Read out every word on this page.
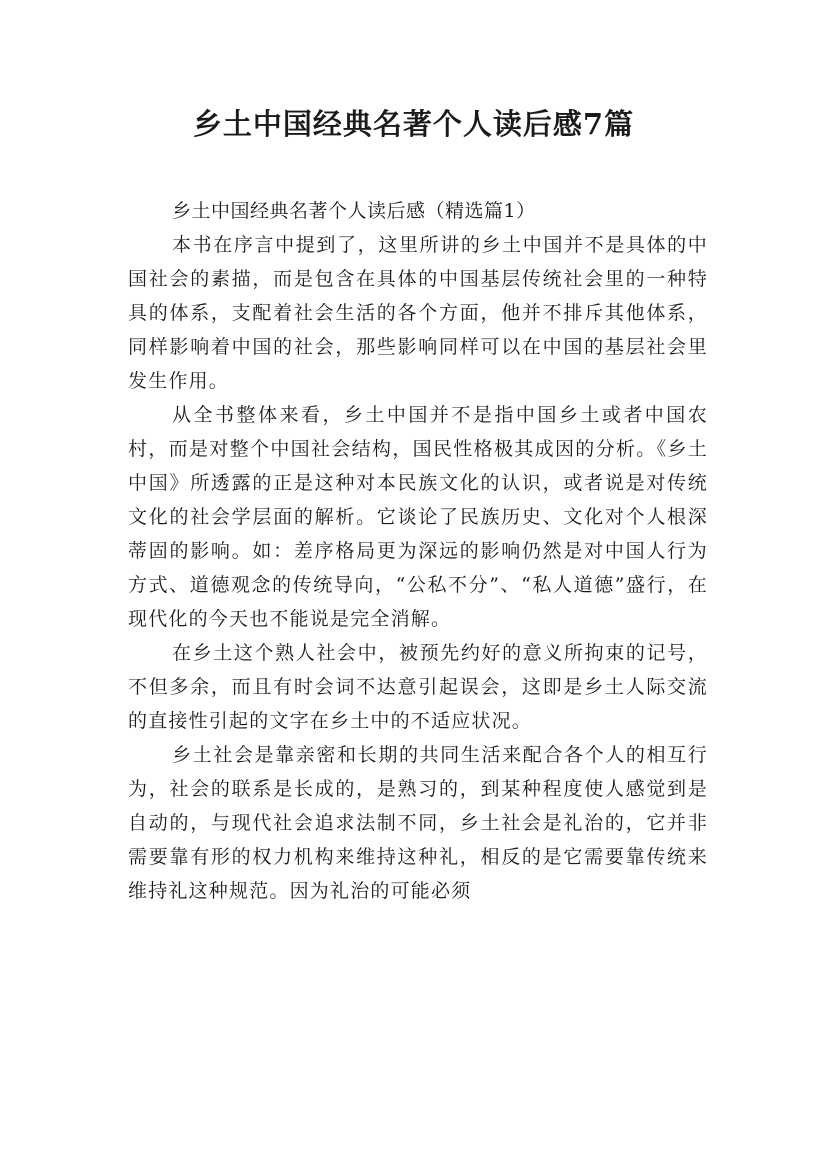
乡土中国经典名著个人读后感7篇

乡土中国经典名著个人读后感（精选篇1）

本书在序言中提到了，这里所讲的乡土中国并不是具体的中国社会的素描，而是包含在具体的中国基层传统社会里的一种特具的体系，支配着社会生活的各个方面，他并不排斥其他体系，同样影响着中国的社会，那些影响同样可以在中国的基层社会里发生作用。

从全书整体来看，乡土中国并不是指中国乡土或者中国农村，而是对整个中国社会结构，国民性格极其成因的分析。《乡土中国》所透露的正是这种对本民族文化的认识，或者说是对传统文化的社会学层面的解析。它谈论了民族历史、文化对个人根深蒂固的影响。如：差序格局更为深远的影响仍然是对中国人行为方式、道德观念的传统导向，“公私不分”、“私人道德”盛行，在现代化的今天也不能说是完全消解。

在乡土这个熟人社会中，被预先约好的意义所拘束的记号，不但多余，而且有时会词不达意引起误会，这即是乡土人际交流的直接性引起的文字在乡土中的不适应状况。

乡土社会是靠亲密和长期的共同生活来配合各个人的相互行为，社会的联系是长成的，是熟习的，到某种程度使人感觉到是自动的，与现代社会追求法制不同，乡土社会是礼治的，它并非需要靠有形的权力机构来维持这种礼，相反的是它需要靠传统来维持礼这种规范。因为礼治的可能必须
